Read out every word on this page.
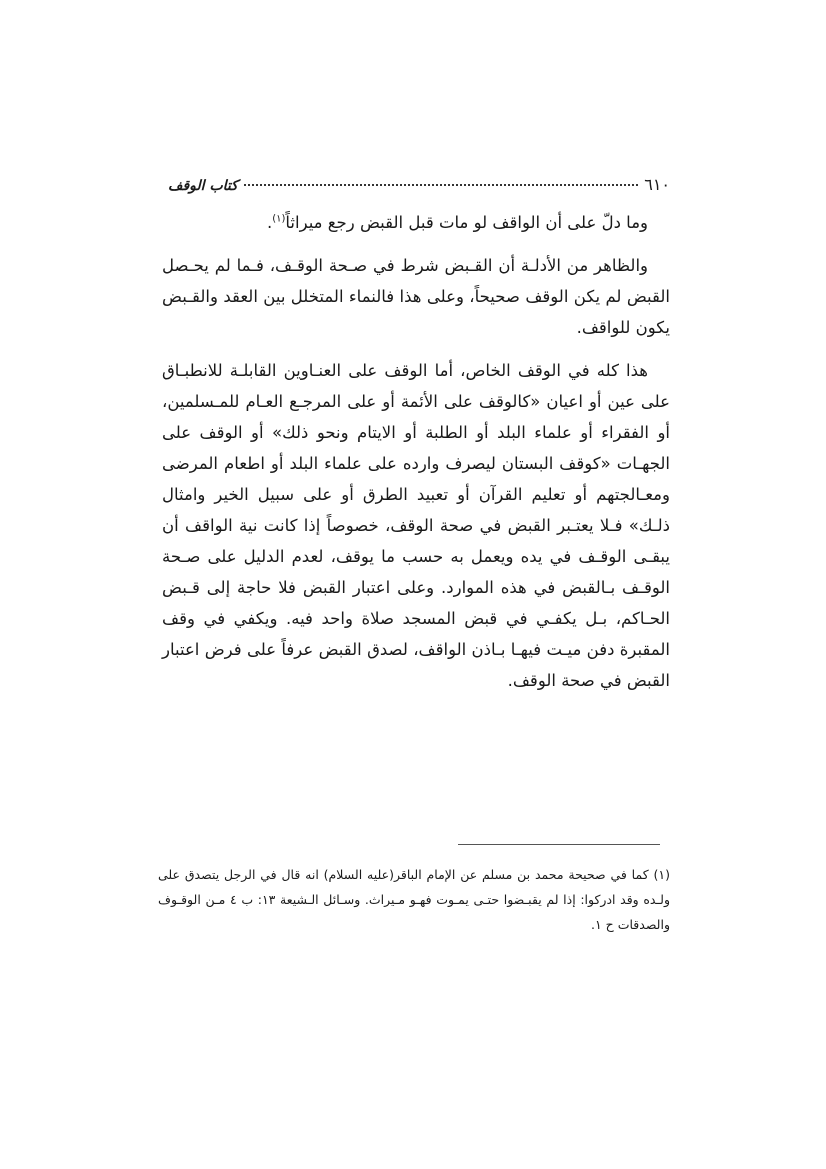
٦١٠
كتاب الوقف

وما دلّ على أن الواقف لو مات قبل القبض رجع ميراثاً$^{(١)}$.

والظاهر من الأدلـة أن القـبض شرط في صـحة الوقـف، فـما لم يحـصل القبض لم يكن الوقف صحيحاً، وعلى هذا فالنماء المتخلل بين العقد والقـبض يكون للواقف.

هذا كله في الوقف الخاص، أما الوقف على العنـاوين القابلـة للانطبـاق على عين أو اعيان «كالوقف على الأئمة أو على المرجـع العـام للمـسلمين، أو الفقراء أو علماء البلد أو الطلبة أو الايتام ونحو ذلك» أو الوقف على الجهـات «كوقف البستان ليصرف وارده على علماء البلد أو اطعام المرضى ومعـالجتهم أو تعليم القرآن أو تعبيد الطرق أو على سبيل الخير وامثال ذلـك» فـلا يعتـبر القبض في صحة الوقف، خصوصاً إذا كانت نية الواقف أن يبقـى الوقـف في يده ويعمل به حسب ما يوقف، لعدم الدليل على صـحة الوقـف بـالقبض في هذه الموارد. وعلى اعتبار القبض فلا حاجة إلى قـبض الحـاكم، بـل يكفـي في قبض المسجد صلاة واحد فيه. ويكفي في وقف المقبرة دفن ميـت فيهـا بـاذن الواقف، لصدق القبض عرفاً على فرض اعتبار القبض في صحة الوقف.

(١) كما في صحيحة محمد بن مسلم عن الإمام الباقر(عليه السلام) انه قال في الرجل يتصدق على ولـده وقد ادركوا: إذا لم يقبـضوا حتـى يمـوت فهـو مـيراث. وسـائل الـشيعة ١٣: ب ٤ مـن الوقـوف والصدقات ح ١.
